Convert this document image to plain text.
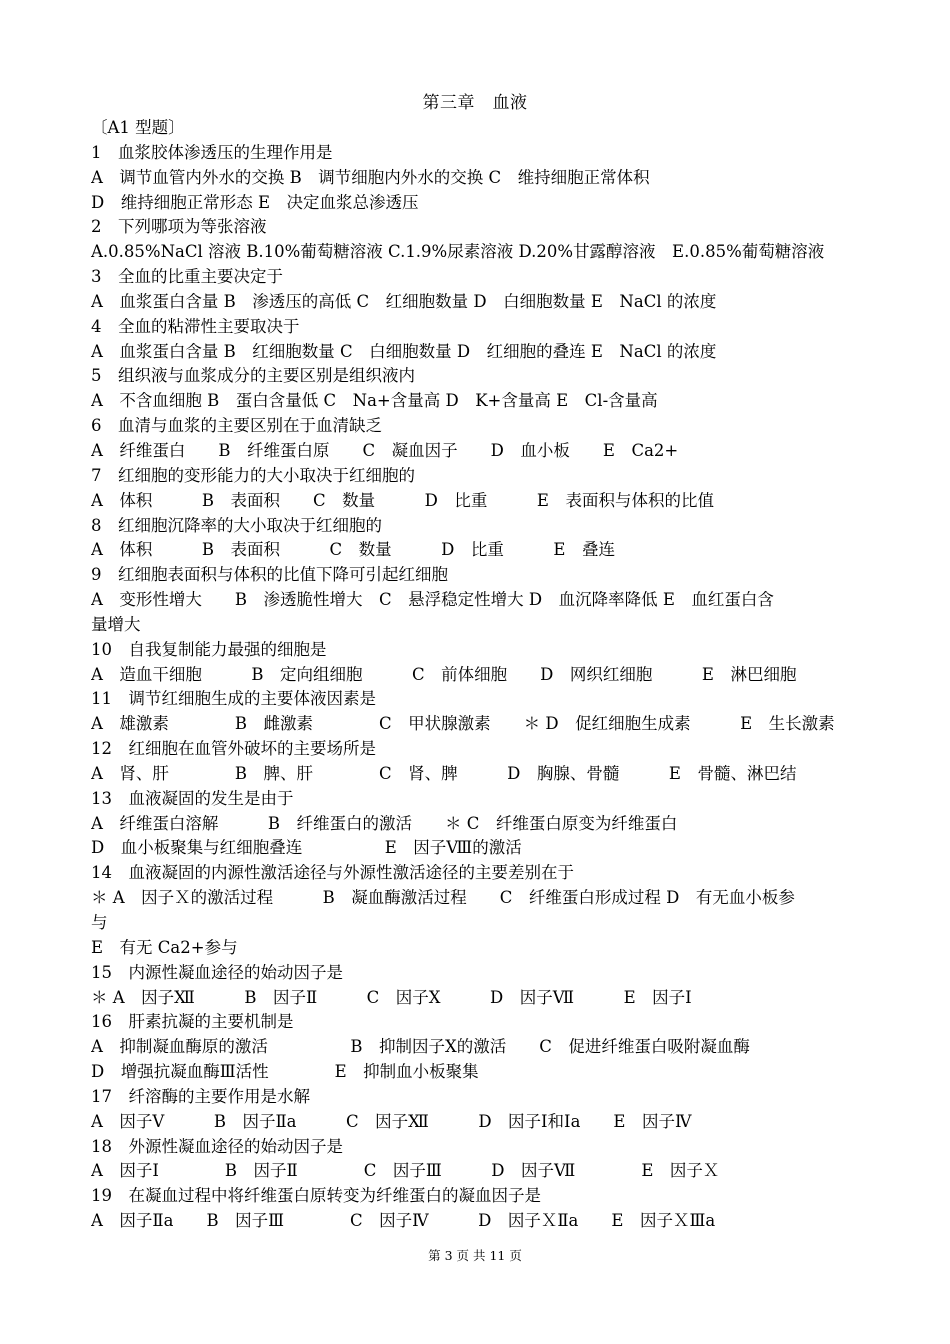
第三章　血液
〔A1 型题〕
1　血浆胶体渗透压的生理作用是
A　调节血管内外水的交换 B　调节细胞内外水的交换 C　维持细胞正常体积
D　维持细胞正常形态 E　决定血浆总渗透压
2　下列哪项为等张溶液
A.0.85%NaCl 溶液 B.10%葡萄糖溶液 C.1.9%尿素溶液 D.20%甘露醇溶液　E.0.85%葡萄糖溶液
3　全血的比重主要决定于
A　血浆蛋白含量 B　渗透压的高低 C　红细胞数量 D　白细胞数量 E　NaCl 的浓度
4　全血的粘滞性主要取决于
A　血浆蛋白含量 B　红细胞数量 C　白细胞数量 D　红细胞的叠连 E　NaCl 的浓度
5　组织液与血浆成分的主要区别是组织液内
A　不含血细胞 B　蛋白含量低 C　Na+含量高 D　K+含量高 E　Cl-含量高
6　血清与血浆的主要区别在于血清缺乏
A　纤维蛋白　　B　纤维蛋白原　　C　凝血因子　　D　血小板　　E　Ca2+
7　红细胞的变形能力的大小取决于红细胞的
A　体积　　　B　表面积　　C　数量　　　D　比重　　　E　表面积与体积的比值
8　红细胞沉降率的大小取决于红细胞的
A　体积　　　B　表面积　　　C　数量　　　D　比重　　　E　叠连
9　红细胞表面积与体积的比值下降可引起红细胞
A　变形性增大　　B　渗透脆性增大　C　悬浮稳定性增大 D　血沉降率降低 E　血红蛋白含
量增大
10　自我复制能力最强的细胞是
A　造血干细胞　　　B　定向组细胞　　　C　前体细胞　　D　网织红细胞　　　E　淋巴细胞
11　调节红细胞生成的主要体液因素是
A　雄激素　　　　B　雌激素　　　　C　甲状腺激素　　＊ D　促红细胞生成素　　　E　生长激素
12　红细胞在血管外破坏的主要场所是
A　肾、肝　　　　B　脾、肝　　　　C　肾、脾　　　D　胸腺、骨髓　　　E　骨髓、淋巴结
13　血液凝固的发生是由于
A　纤维蛋白溶解　　　B　纤维蛋白的激活　　＊ C　纤维蛋白原变为纤维蛋白
D　血小板聚集与红细胞叠连　　　　　E　因子Ⅷ的激活
14　血液凝固的内源性激活途径与外源性激活途径的主要差别在于
＊ A　因子Ｘ的激活过程　　　B　凝血酶激活过程　　C　纤维蛋白形成过程 D　有无血小板参
与
E　有无 Ca2+参与
15　内源性凝血途径的始动因子是
＊ A　因子Ⅻ　　　B　因子Ⅱ　　　C　因子Ⅹ　　　D　因子Ⅶ　　　E　因子Ⅰ
16　肝素抗凝的主要机制是
A　抑制凝血酶原的激活　　　　　B　抑制因子Ⅹ的激活　　C　促进纤维蛋白吸附凝血酶
D　增强抗凝血酶Ⅲ活性　　　　E　抑制血小板聚集
17　纤溶酶的主要作用是水解
A　因子Ⅴ　　　B　因子Ⅱa　　　C　因子Ⅻ　　　D　因子Ⅰ和Ⅰa　　E　因子Ⅳ
18　外源性凝血途径的始动因子是
A　因子Ⅰ　　　　B　因子Ⅱ　　　　C　因子Ⅲ　　　D　因子Ⅶ　　　　E　因子Ｘ
19　在凝血过程中将纤维蛋白原转变为纤维蛋白的凝血因子是
A　因子Ⅱa　　B　因子Ⅲ　　　　C　因子Ⅳ　　　D　因子ＸⅡa　　E　因子ＸⅢa
第 3 页 共 11 页
